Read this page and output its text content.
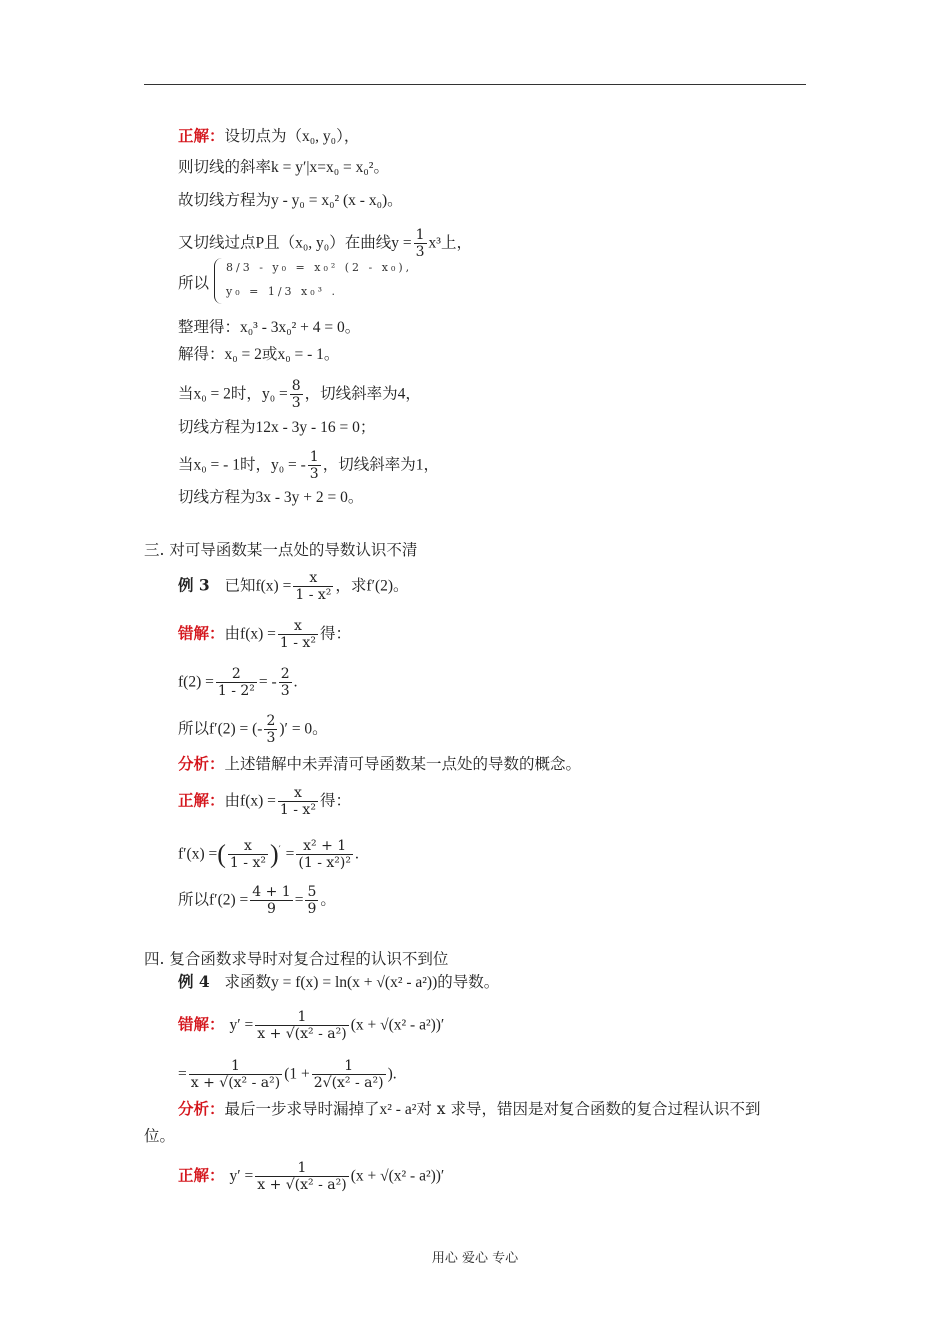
正解：设切点为（x₀, y₀），
则切线的斜率k = y′|x=x₀ = x₀²。
故切线方程为y - y₀ = x₀² (x - x₀)。
又切线过点P且（x₀, y₀）在曲线$y = \frac{1}{3} x^3$上，
所以
8/3 - y₀ = x₀² (2 - x₀),
y₀ = 1/3 x₀³ .
整理得：x₀³ - 3x₀² + 4 = 0。
解得：x₀ = 2或x₀ = - 1。
当x₀ = 2时，$y_0 = \frac{8}{3}$ ，切线斜率为4，
切线方程为12x - 3y - 16 = 0；
当x₀ = - 1时，y₀ = - $\frac{1}{3}$ ，切线斜率为1，
切线方程为3x - 3y + 2 = 0。
三. 对可导函数某一点处的导数认识不清
例 3 已知$f(x) = \frac{x}{\text{1 - x²}}$ ，求f′(2)。
错解：由$f(x) = \frac{x}{\text{1 - x²}}$ 得：
$f(2) = \frac{2}{\text{1 - 2²}}$ = - $\frac{2}{3}$ .
所以f′(2) = (- $\frac{2}{3}$ )′ = 0。
分析：上述错解中未弄清可导函数某一点处的导数的概念。
正解：由$f(x) = \frac{x}{\text{1 - x²}}$ 得：
f′(x) =( $\frac{x}{\text{1 - x²}} )' = \frac{\text{x² + 1}}{\text{(1 - x²)²}}$ .
所以$f'(2) = \frac{4 + 1}{9} = \frac{5}{9}$ 。
四. 复合函数求导时对复合过程的认识不到位
例 4 求函数y = f(x) = ln(x + √(x² - a²))的导数。
错解： $y' = \frac{1}{\text{x + √(x² - a²)}} (x + √(x^2 - a^2))'$
= $\frac{1}{\text{x + √(x² - a²)}} (1 + \frac{1}{\text{2√(x² - a²)}}$ ).
分析：最后一步求导时漏掉了x² - a²对 x 求导，错因是对复合函数的复合过程认识不到
位。
正解： $y' = \frac{1}{\text{x + √(x² - a²)}} (x + √(x^2 - a^2))'$
用心 爱心 专心
